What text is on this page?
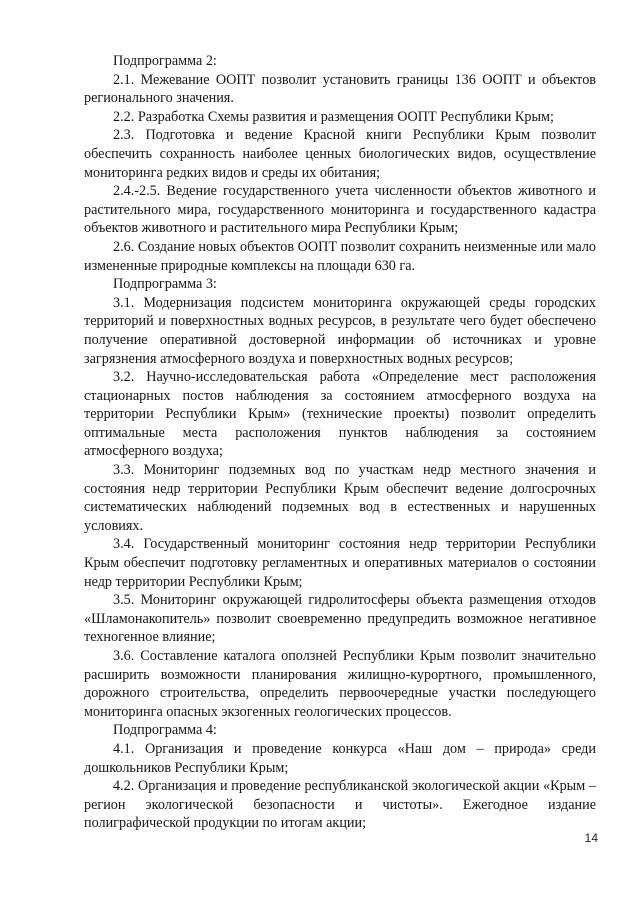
Подпрограмма 2:

2.1. Межевание ООПТ позволит установить границы 136 ООПТ и объектов регионального значения.

2.2. Разработка Схемы развития и размещения ООПТ Республики Крым;

2.3. Подготовка и ведение Красной книги Республики Крым позволит обеспечить сохранность наиболее ценных биологических видов, осуществление мониторинга редких видов и среды их обитания;

2.4.-2.5. Ведение государственного учета численности объектов животного и растительного мира, государственного мониторинга и государственного кадастра объектов животного и растительного мира Республики Крым;

2.6. Создание новых объектов ООПТ позволит сохранить неизменные или мало измененные природные комплексы на площади 630 га.

Подпрограмма 3:

3.1. Модернизация подсистем мониторинга окружающей среды городских территорий и поверхностных водных ресурсов, в результате чего будет обеспечено получение оперативной достоверной информации об источниках и уровне загрязнения атмосферного воздуха и поверхностных водных ресурсов;

3.2. Научно-исследовательская работа «Определение мест расположения стационарных постов наблюдения за состоянием атмосферного воздуха на территории Республики Крым» (технические проекты) позволит определить оптимальные места расположения пунктов наблюдения за состоянием атмосферного воздуха;

3.3. Мониторинг подземных вод по участкам недр местного значения и состояния недр территории Республики Крым обеспечит ведение долгосрочных систематических наблюдений подземных вод в естественных и нарушенных условиях.

3.4. Государственный мониторинг состояния недр территории Республики Крым обеспечит подготовку регламентных и оперативных материалов о состоянии недр территории Республики Крым;

3.5. Мониторинг окружающей гидролитосферы объекта размещения отходов «Шламонакопитель» позволит своевременно предупредить возможное негативное техногенное влияние;

3.6. Составление каталога оползней Республики Крым позволит значительно расширить возможности планирования жилищно-курортного, промышленного, дорожного строительства, определить первоочередные участки последующего мониторинга опасных экзогенных геологических процессов.

Подпрограмма 4:

4.1. Организация и проведение конкурса «Наш дом – природа» среди дошкольников Республики Крым;

4.2. Организация и проведение республиканской экологической акции «Крым – регион экологической безопасности и чистоты». Ежегодное издание полиграфической продукции по итогам акции;

14
